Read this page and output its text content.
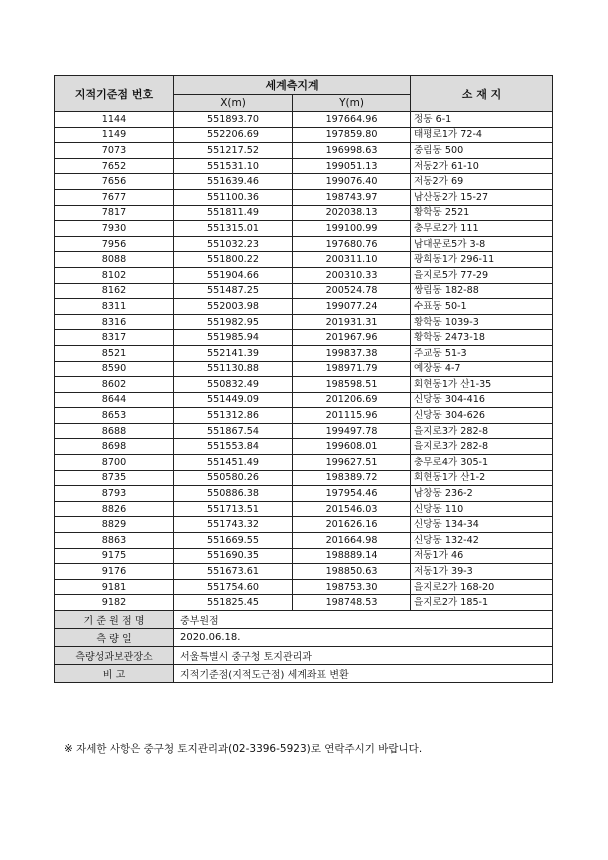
지적기준점 번호	세계측지계		소 재 지
	X(m)	Y(m)	
1144	551893.70	197664.96	정동 6-1
1149	552206.69	197859.80	태평로1가 72-4
7073	551217.52	196998.63	중림동 500
7652	551531.10	199051.13	저동2가 61-10
7656	551639.46	199076.40	저동2가 69
7677	551100.36	198743.97	남산동2가 15-27
7817	551811.49	202038.13	황학동 2521
7930	551315.01	199100.99	충무로2가 111
7956	551032.23	197680.76	남대문로5가 3-8
8088	551800.22	200311.10	광희동1가 296-11
8102	551904.66	200310.33	을지로5가 77-29
8162	551487.25	200524.78	쌍림동 182-88
8311	552003.98	199077.24	수표동 50-1
8316	551982.95	201931.31	황학동 1039-3
8317	551985.94	201967.96	황학동 2473-18
8521	552141.39	199837.38	주교동 51-3
8590	551130.88	198971.79	예장동 4-7
8602	550832.49	198598.51	회현동1가 산1-35
8644	551449.09	201206.69	신당동 304-416
8653	551312.86	201115.96	신당동 304-626
8688	551867.54	199497.78	을지로3가 282-8
8698	551553.84	199608.01	을지로3가 282-8
8700	551451.49	199627.51	충무로4가 305-1
8735	550580.26	198389.72	회현동1가 산1-2
8793	550886.38	197954.46	남창동 236-2
8826	551713.51	201546.03	신당동 110
8829	551743.32	201626.16	신당동 134-34
8863	551669.55	201664.98	신당동 132-42
9175	551690.35	198889.14	저동1가 46
9176	551673.61	198850.63	저동1가 39-3
9181	551754.60	198753.30	을지로2가 168-20
9182	551825.45	198748.53	을지로2가 185-1
기 준 원 점 명	중부원점		
측 량 일	2020.06.18.		
측량성과보관장소	서울특별시 중구청 토지관리과		
비 고	지적기준점(지적도근점) 세계좌표 변환		
※ 자세한 사항은 중구청 토지관리과(02-3396-5923)로 연락주시기 바랍니다.
